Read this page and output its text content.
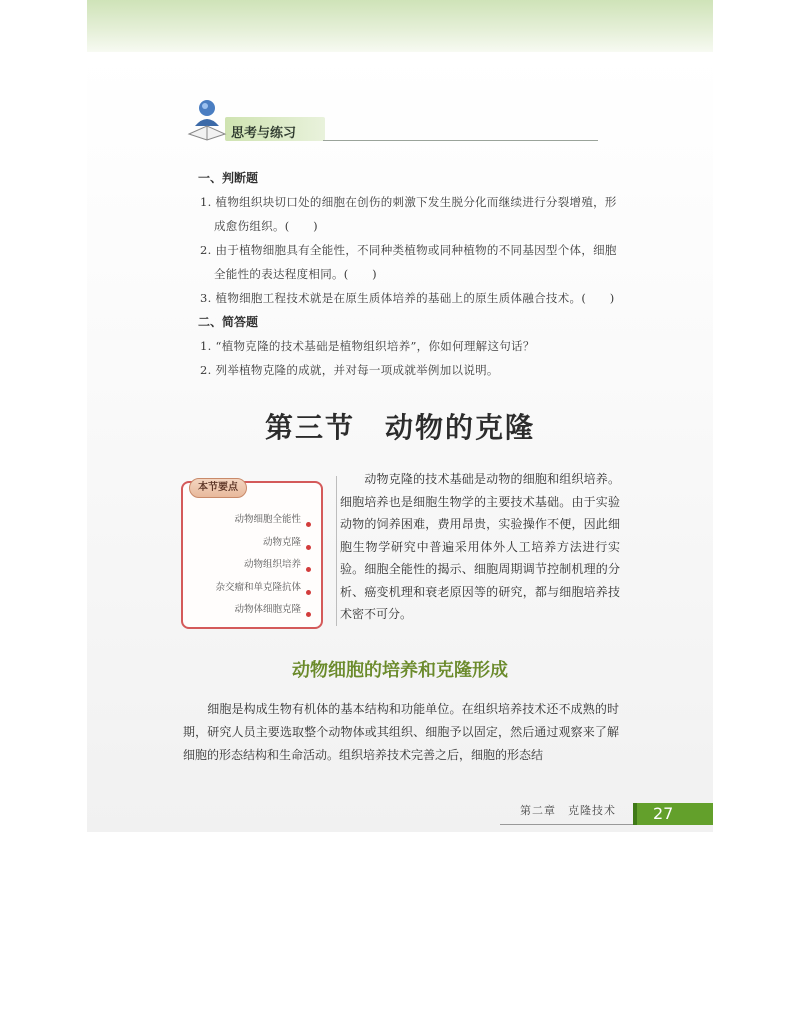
思考与练习
一、判断题
1. 植物组织块切口处的细胞在创伤的刺激下发生脱分化而继续进行分裂增殖，形成愈伤组织。(　　)
2. 由于植物细胞具有全能性，不同种类植物或同种植物的不同基因型个体，细胞全能性的表达程度相同。(　　)
3. 植物细胞工程技术就是在原生质体培养的基础上的原生质体融合技术。(　　)
二、简答题
1. “植物克隆的技术基础是植物组织培养”，你如何理解这句话？
2. 列举植物克隆的成就，并对每一项成就举例加以说明。
第三节　动物的克隆
本节要点
动物细胞全能性
动物克隆
动物组织培养
杂交瘤和单克隆抗体
动物体细胞克隆
　　动物克隆的技术基础是动物的细胞和组织培养。细胞培养也是细胞生物学的主要技术基础。由于实验动物的饲养困难，费用昂贵，实验操作不便，因此细胞生物学研究中普遍采用体外人工培养方法进行实验。细胞全能性的揭示、细胞周期调节控制机理的分析、癌变机理和衰老原因等的研究，都与细胞培养技术密不可分。
动物细胞的培养和克隆形成
　　细胞是构成生物有机体的基本结构和功能单位。在组织培养技术还不成熟的时期，研究人员主要选取整个动物体或其组织、细胞予以固定，然后通过观察来了解细胞的形态结构和生命活动。组织培养技术完善之后，细胞的形态结
第二章　克隆技术	27
